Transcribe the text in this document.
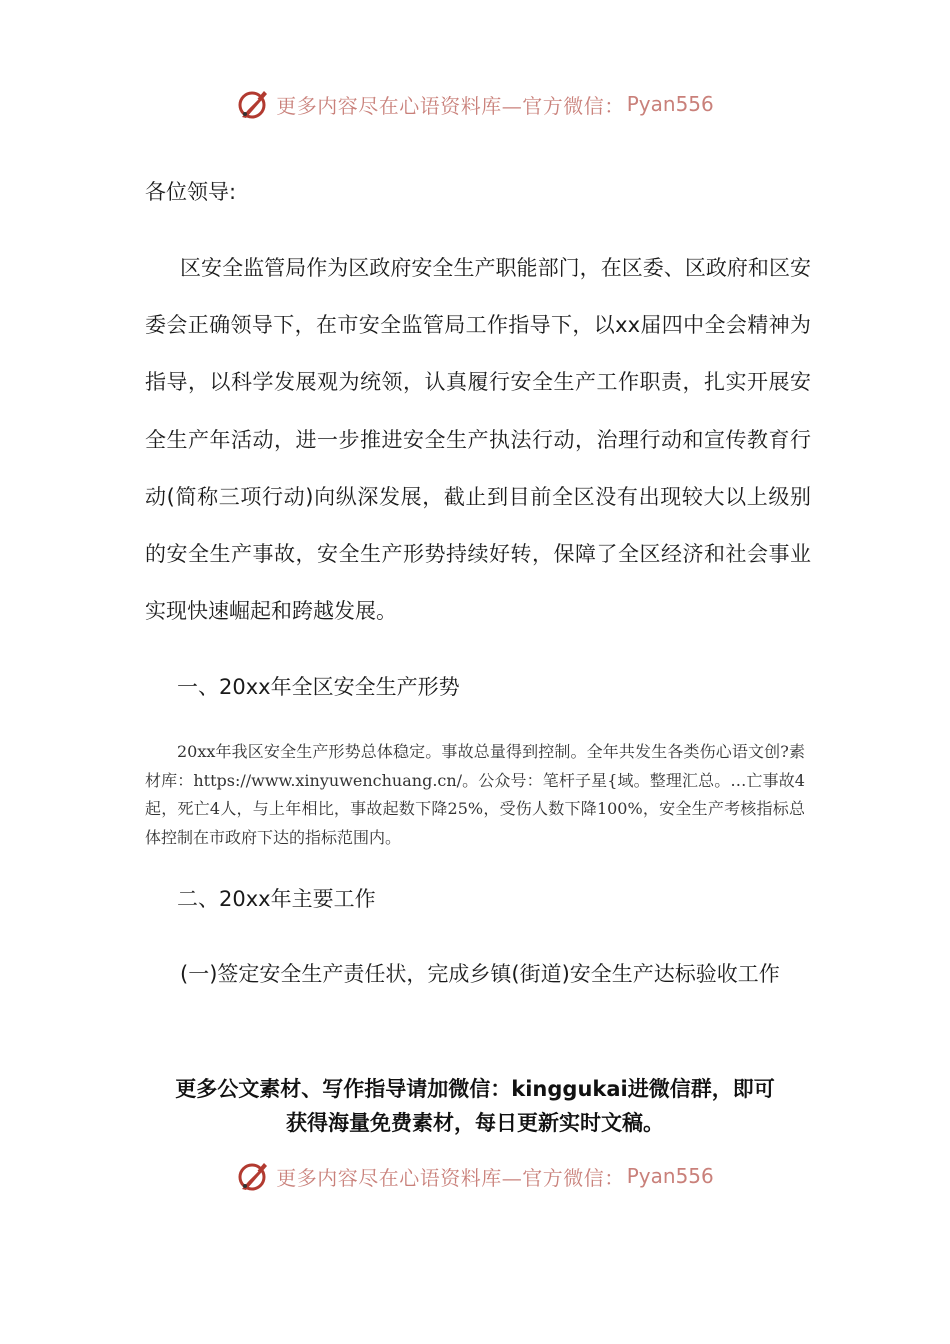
更多内容尽在心语资料库—官方微信： Pyan556

各位领导:

区安全监管局作为区政府安全生产职能部门，在区委、区政府和区安委会正确领导下，在市安全监管局工作指导下，以xx届四中全会精神为指导，以科学发展观为统领，认真履行安全生产工作职责，扎实开展安全生产年活动，进一步推进安全生产执法行动，治理行动和宣传教育行动(简称三项行动)向纵深发展，截止到目前全区没有出现较大以上级别的安全生产事故，安全生产形势持续好转，保障了全区经济和社会事业实现快速崛起和跨越发展。

一、20xx年全区安全生产形势

20xx年我区安全生产形势总体稳定。事故总量得到控制。全年共发生各类伤心语文创?素材库：https://www.xinyuwenchuang.cn/。公众号：笔杆子星{域。整理汇总。…亡事故4起，死亡4人，与上年相比，事故起数下降25%，受伤人数下降100%，安全生产考核指标总体控制在市政府下达的指标范围内。

二、20xx年主要工作

(一)签定安全生产责任状，完成乡镇(街道)安全生产达标验收工作

更多公文素材、写作指导请加微信：kinggukai进微信群，即可
获得海量免费素材，每日更新实时文稿。
更多内容尽在心语资料库—官方微信： Pyan556
